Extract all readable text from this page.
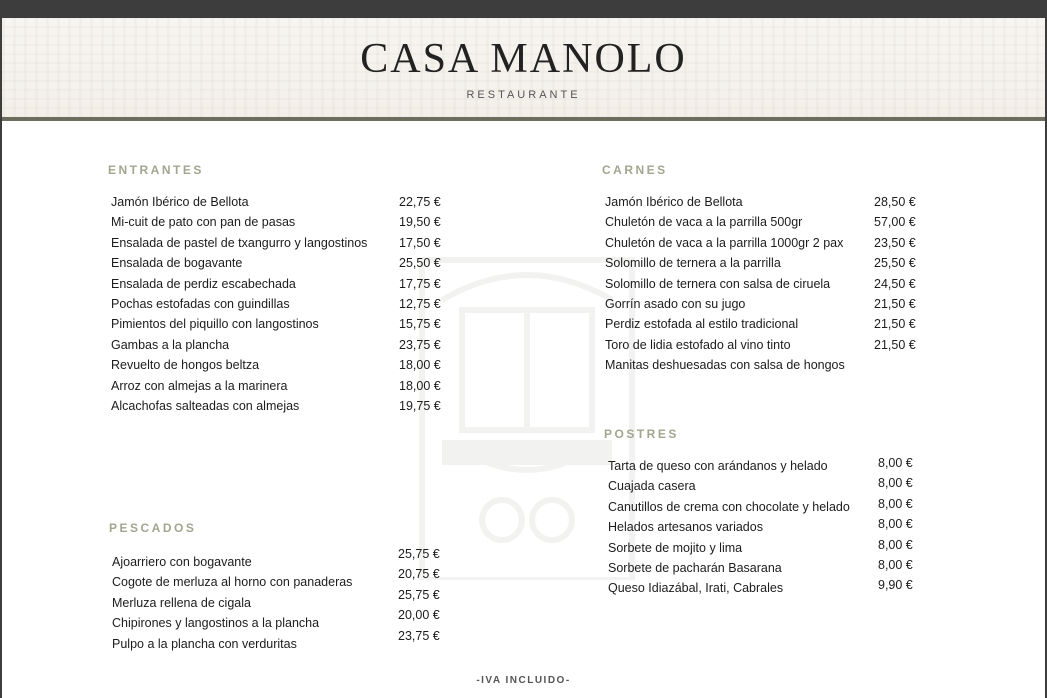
CASA MANOLO
RESTAURANTE
ENTRANTES
Jamón Ibérico de Bellota	22,75 €
Mi-cuit de pato con pan de pasas	19,50 €
Ensalada de pastel de txangurro y langostinos	17,50 €
Ensalada de bogavante	25,50 €
Ensalada de perdiz escabechada	17,75 €
Pochas estofadas con guindillas	12,75 €
Pimientos del piquillo con langostinos	15,75 €
Gambas a la plancha	23,75 €
Revuelto de hongos beltza	18,00 €
Arroz con almejas a la marinera	18,00 €
Alcachofas salteadas con almejas	19,75 €
PESCADOS
Ajoarriero con bogavante
25,75 €
Cogote de merluza al horno con panaderas
20,75 €
Merluza rellena de cigala
25,75 €
Chipirones y langostinos a la plancha
20,00 €
Pulpo a la plancha con verduritas
23,75 €
CARNES
Jamón Ibérico de Bellota	28,50 €
Chuletón de vaca a la parrilla 500gr	57,00 €
Chuletón de vaca a la parrilla 1000gr 2 pax 23,50 €
Solomillo de ternera a la parrilla	25,50 €
Solomillo de ternera con salsa de ciruela	24,50 €
Gorrín asado con su jugo	21,50 €
Perdiz estofada al estilo tradicional	21,50 €
Toro de lidia estofado al vino tinto	21,50 €
Manitas deshuesadas con salsa de hongos
POSTRES
Tarta de queso con arándanos y helado	8,00 €
Cuajada casera	8,00 €
Canutillos de crema con chocolate y helado 8,00 €
Helados artesanos variados	8,00 €
Sorbete de mojito y lima	8,00 €
Sorbete de pacharán Basarana	8,00 €
Queso Idiazábal, Irati, Cabrales	9,90 €
-IVA INCLUIDO-
